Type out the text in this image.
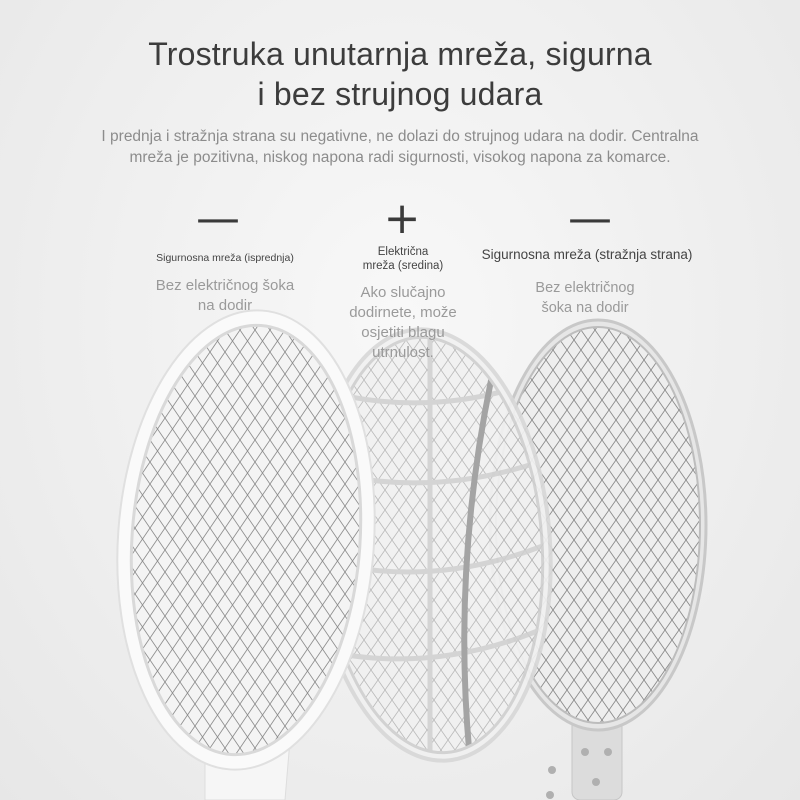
Trostruka unutarnja mreža, sigurna
i bez strujnog udara
I prednja i stražnja strana su negativne, ne dolazi do strujnog udara na dodir. Centralna
mreža je pozitivna, niskog napona radi sigurnosti, visokog napona za komarce.
—
Sigurnosna mreža (isprednja)
Bez električnog šoka
na dodir
+
Električna
mreža (sredina)
Ako slučajno
dodirnete, može
osjetiti blagu
utrnulost.
—
Sigurnosna mreža (stražnja strana)
Bez električnog
šoka na dodir
